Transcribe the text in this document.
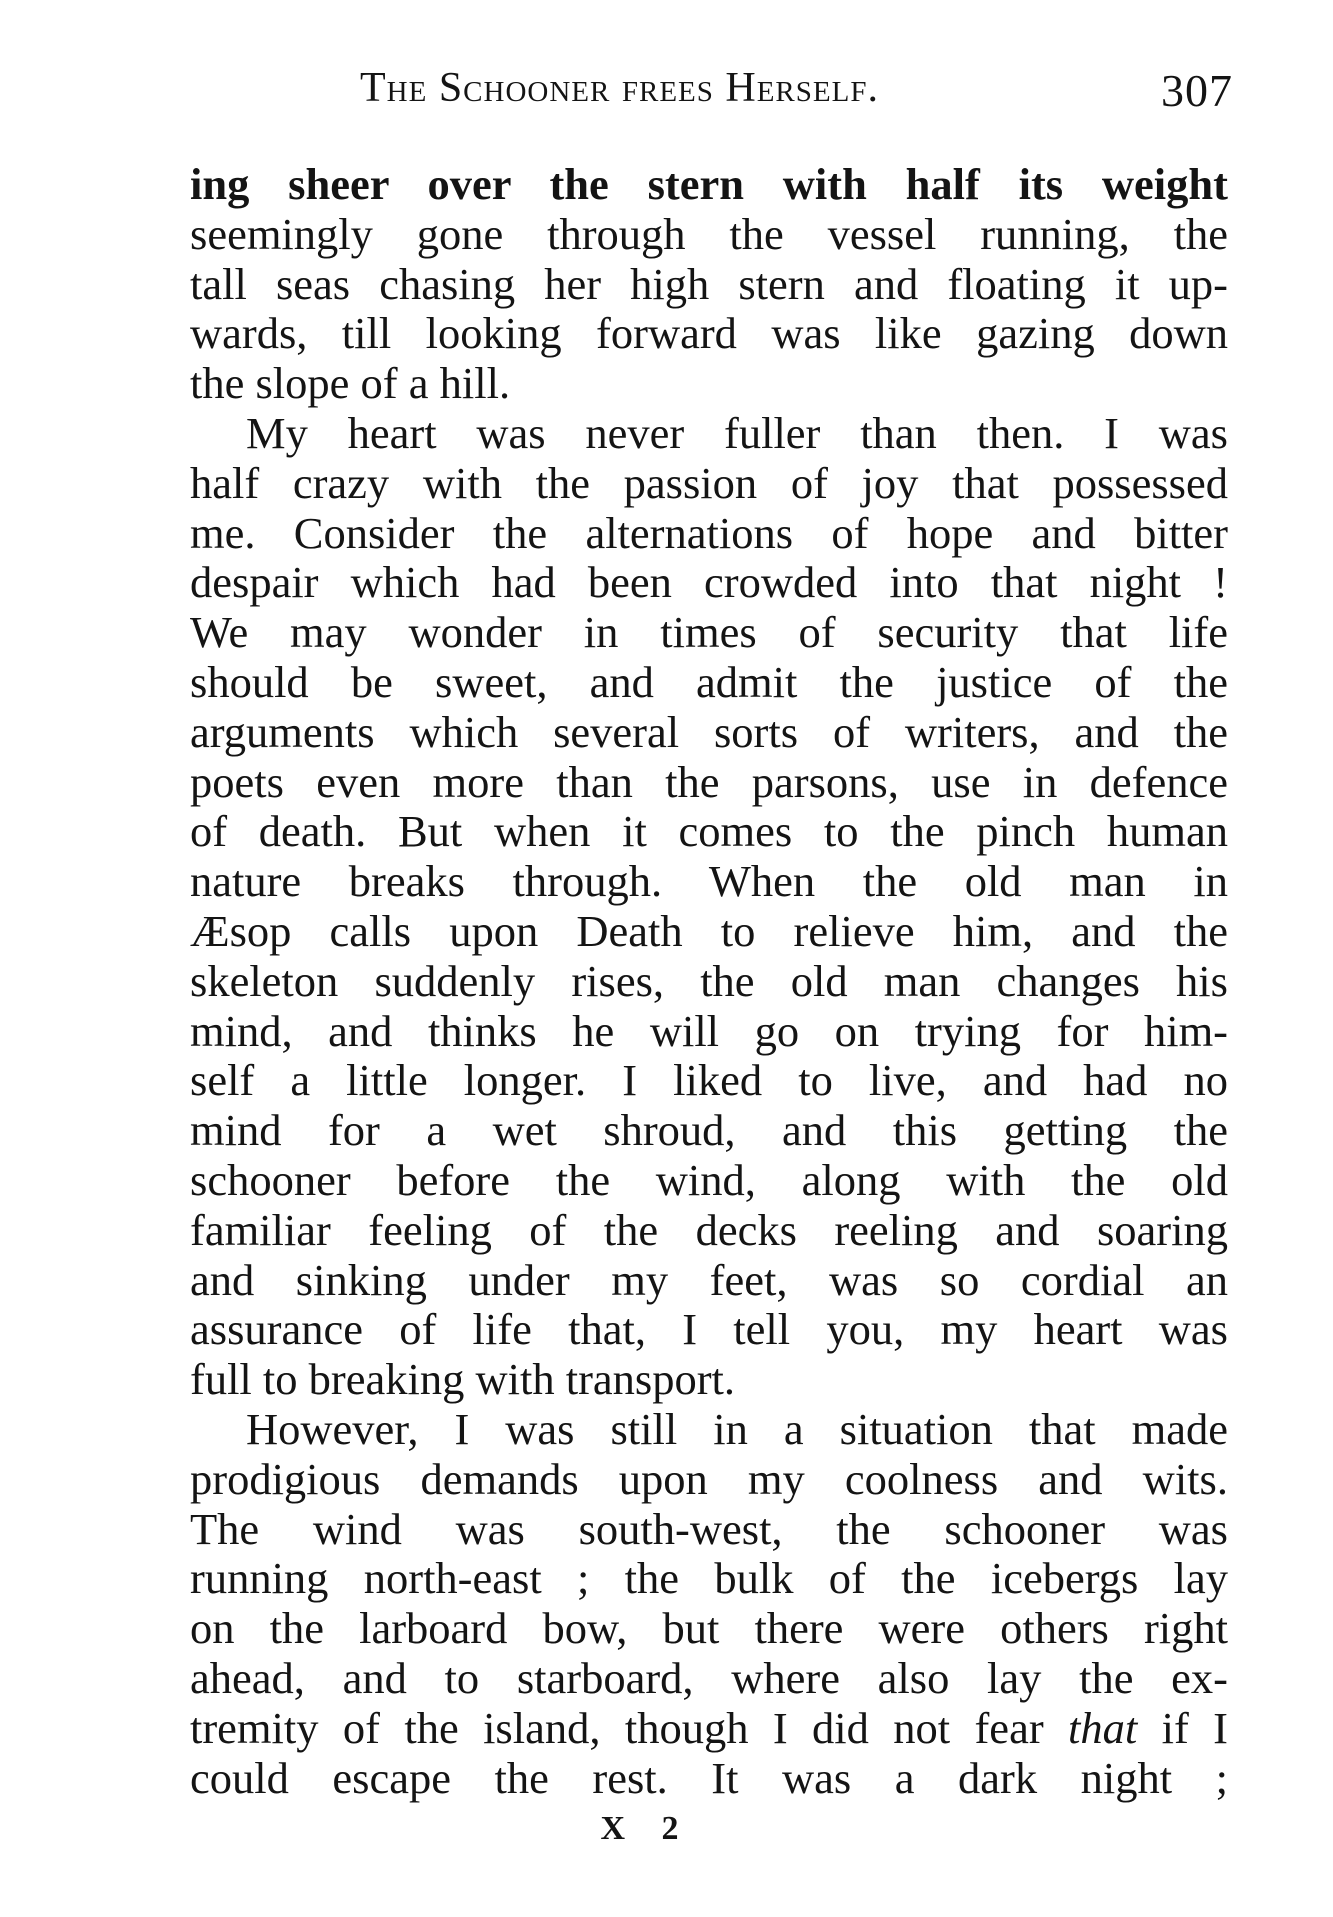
The Schooner frees Herself.	307
ing sheer over the stern with half its weight
seemingly gone through the vessel running, the
tall seas chasing her high stern and floating it up-
wards, till looking forward was like gazing down
the slope of a hill.
My heart was never fuller than then. I was
half crazy with the passion of joy that possessed
me. Consider the alternations of hope and bitter
despair which had been crowded into that night !
We may wonder in times of security that life
should be sweet, and admit the justice of the
arguments which several sorts of writers, and the
poets even more than the parsons, use in defence
of death. But when it comes to the pinch human
nature breaks through. When the old man in
Æsop calls upon Death to relieve him, and the
skeleton suddenly rises, the old man changes his
mind, and thinks he will go on trying for him-
self a little longer. I liked to live, and had no
mind for a wet shroud, and this getting the
schooner before the wind, along with the old
familiar feeling of the decks reeling and soaring
and sinking under my feet, was so cordial an
assurance of life that, I tell you, my heart was
full to breaking with transport.
However, I was still in a situation that made
prodigious demands upon my coolness and wits.
The wind was south-west, the schooner was
running north-east ; the bulk of the icebergs lay
on the larboard bow, but there were others right
ahead, and to starboard, where also lay the ex-
tremity of the island, though I did not fear that if I
could escape the rest. It was a dark night ;
X 2
